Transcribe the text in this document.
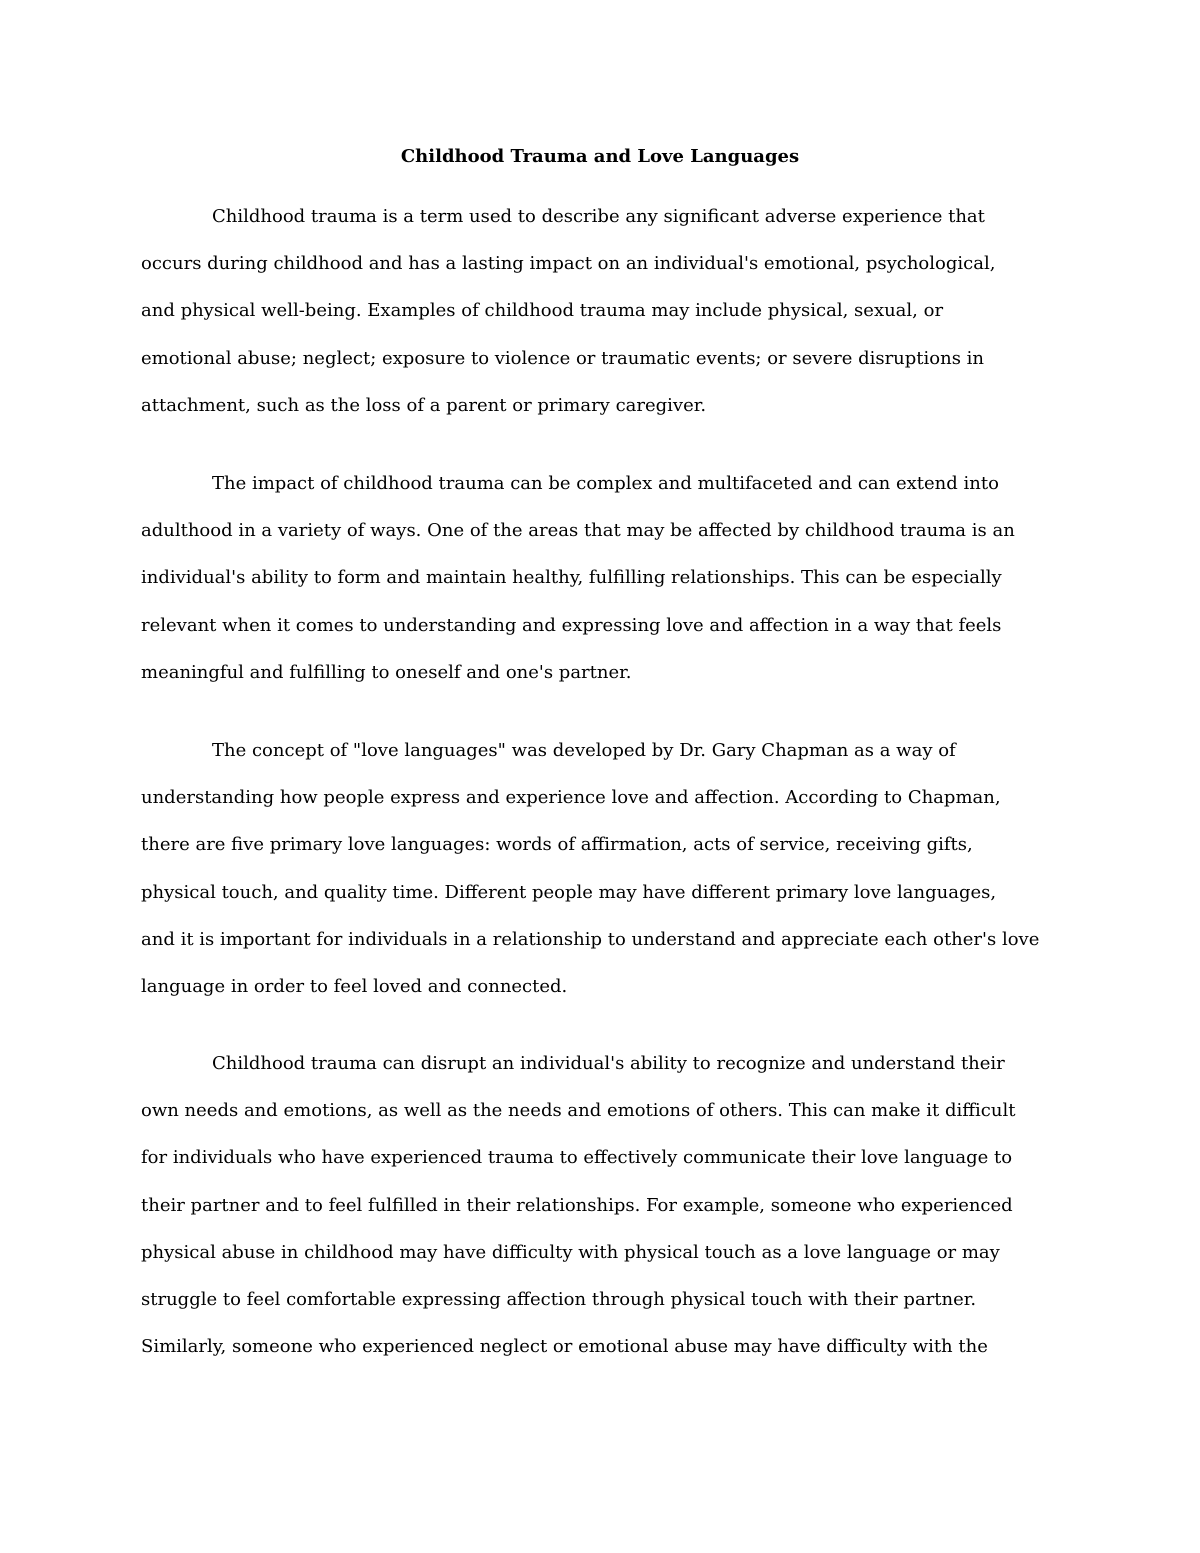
Childhood Trauma and Love Languages

Childhood trauma is a term used to describe any significant adverse experience that
occurs during childhood and has a lasting impact on an individual's emotional, psychological,
and physical well-being. Examples of childhood trauma may include physical, sexual, or
emotional abuse; neglect; exposure to violence or traumatic events; or severe disruptions in
attachment, such as the loss of a parent or primary caregiver.

The impact of childhood trauma can be complex and multifaceted and can extend into
adulthood in a variety of ways. One of the areas that may be affected by childhood trauma is an
individual's ability to form and maintain healthy, fulfilling relationships. This can be especially
relevant when it comes to understanding and expressing love and affection in a way that feels
meaningful and fulfilling to oneself and one's partner.

The concept of "love languages" was developed by Dr. Gary Chapman as a way of
understanding how people express and experience love and affection. According to Chapman,
there are five primary love languages: words of affirmation, acts of service, receiving gifts,
physical touch, and quality time. Different people may have different primary love languages,
and it is important for individuals in a relationship to understand and appreciate each other's love
language in order to feel loved and connected.

Childhood trauma can disrupt an individual's ability to recognize and understand their
own needs and emotions, as well as the needs and emotions of others. This can make it difficult
for individuals who have experienced trauma to effectively communicate their love language to
their partner and to feel fulfilled in their relationships. For example, someone who experienced
physical abuse in childhood may have difficulty with physical touch as a love language or may
struggle to feel comfortable expressing affection through physical touch with their partner.
Similarly, someone who experienced neglect or emotional abuse may have difficulty with the
